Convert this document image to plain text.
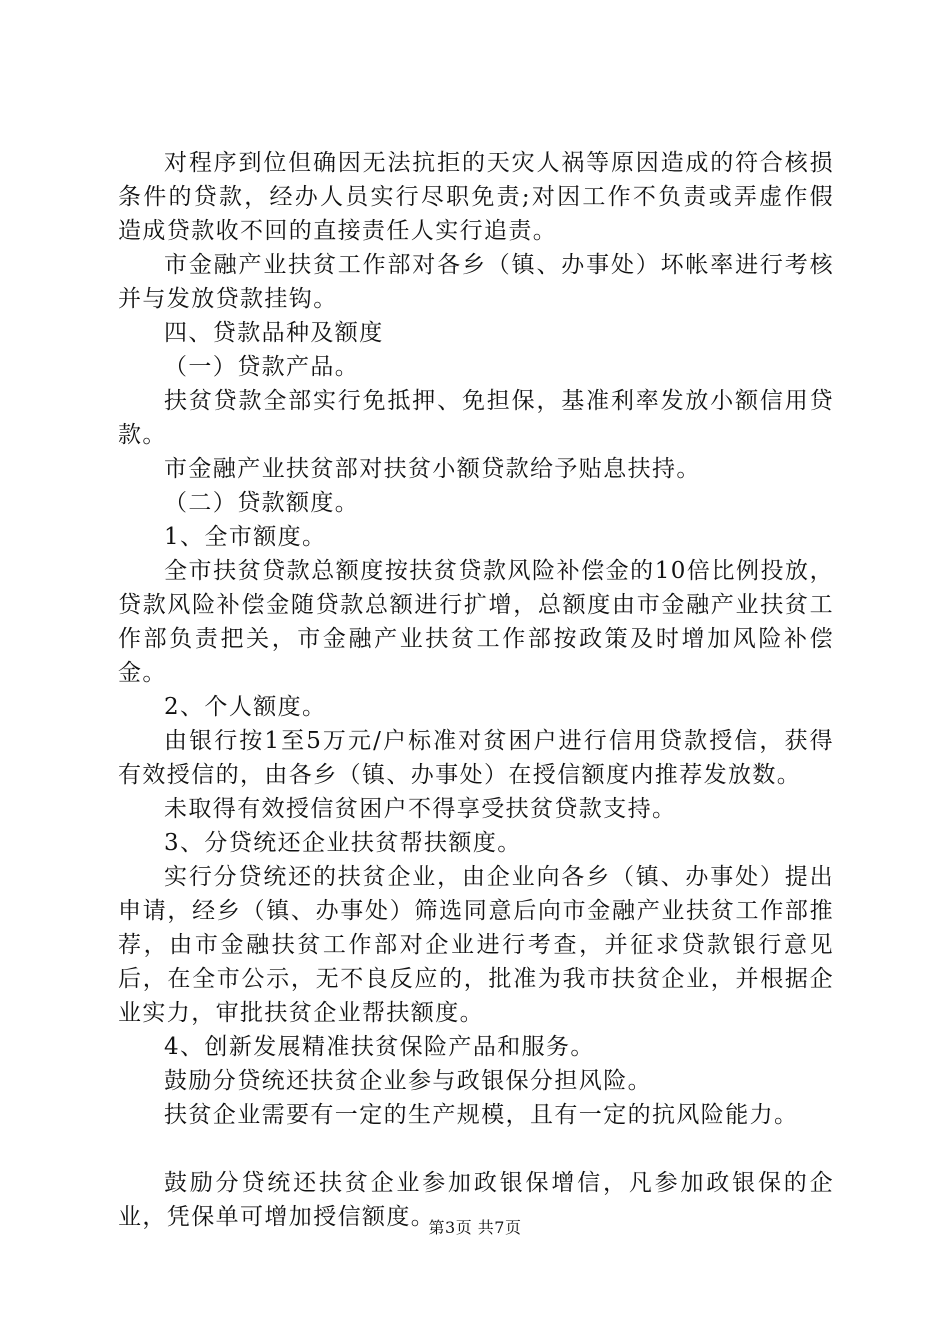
对程序到位但确因无法抗拒的天灾人祸等原因造成的符合核损条件的贷款，经办人员实行尽职免责;对因工作不负责或弄虚作假造成贷款收不回的直接责任人实行追责。

市金融产业扶贫工作部对各乡（镇、办事处）坏帐率进行考核并与发放贷款挂钩。

四、贷款品种及额度

（一）贷款产品。

扶贫贷款全部实行免抵押、免担保，基准利率发放小额信用贷款。

市金融产业扶贫部对扶贫小额贷款给予贴息扶持。

（二）贷款额度。

1、全市额度。

全市扶贫贷款总额度按扶贫贷款风险补偿金的10倍比例投放，贷款风险补偿金随贷款总额进行扩增，总额度由市金融产业扶贫工作部负责把关，市金融产业扶贫工作部按政策及时增加风险补偿金。

2、个人额度。

由银行按1至5万元/户标准对贫困户进行信用贷款授信，获得有效授信的，由各乡（镇、办事处）在授信额度内推荐发放数。

未取得有效授信贫困户不得享受扶贫贷款支持。

3、分贷统还企业扶贫帮扶额度。

实行分贷统还的扶贫企业，由企业向各乡（镇、办事处）提出申请，经乡（镇、办事处）筛选同意后向市金融产业扶贫工作部推荐，由市金融扶贫工作部对企业进行考查，并征求贷款银行意见后，在全市公示，无不良反应的，批准为我市扶贫企业，并根据企业实力，审批扶贫企业帮扶额度。

4、创新发展精准扶贫保险产品和服务。

鼓励分贷统还扶贫企业参与政银保分担风险。

扶贫企业需要有一定的生产规模，且有一定的抗风险能力。

鼓励分贷统还扶贫企业参加政银保增信，凡参加政银保的企业，凭保单可增加授信额度。

第3页 共7页
